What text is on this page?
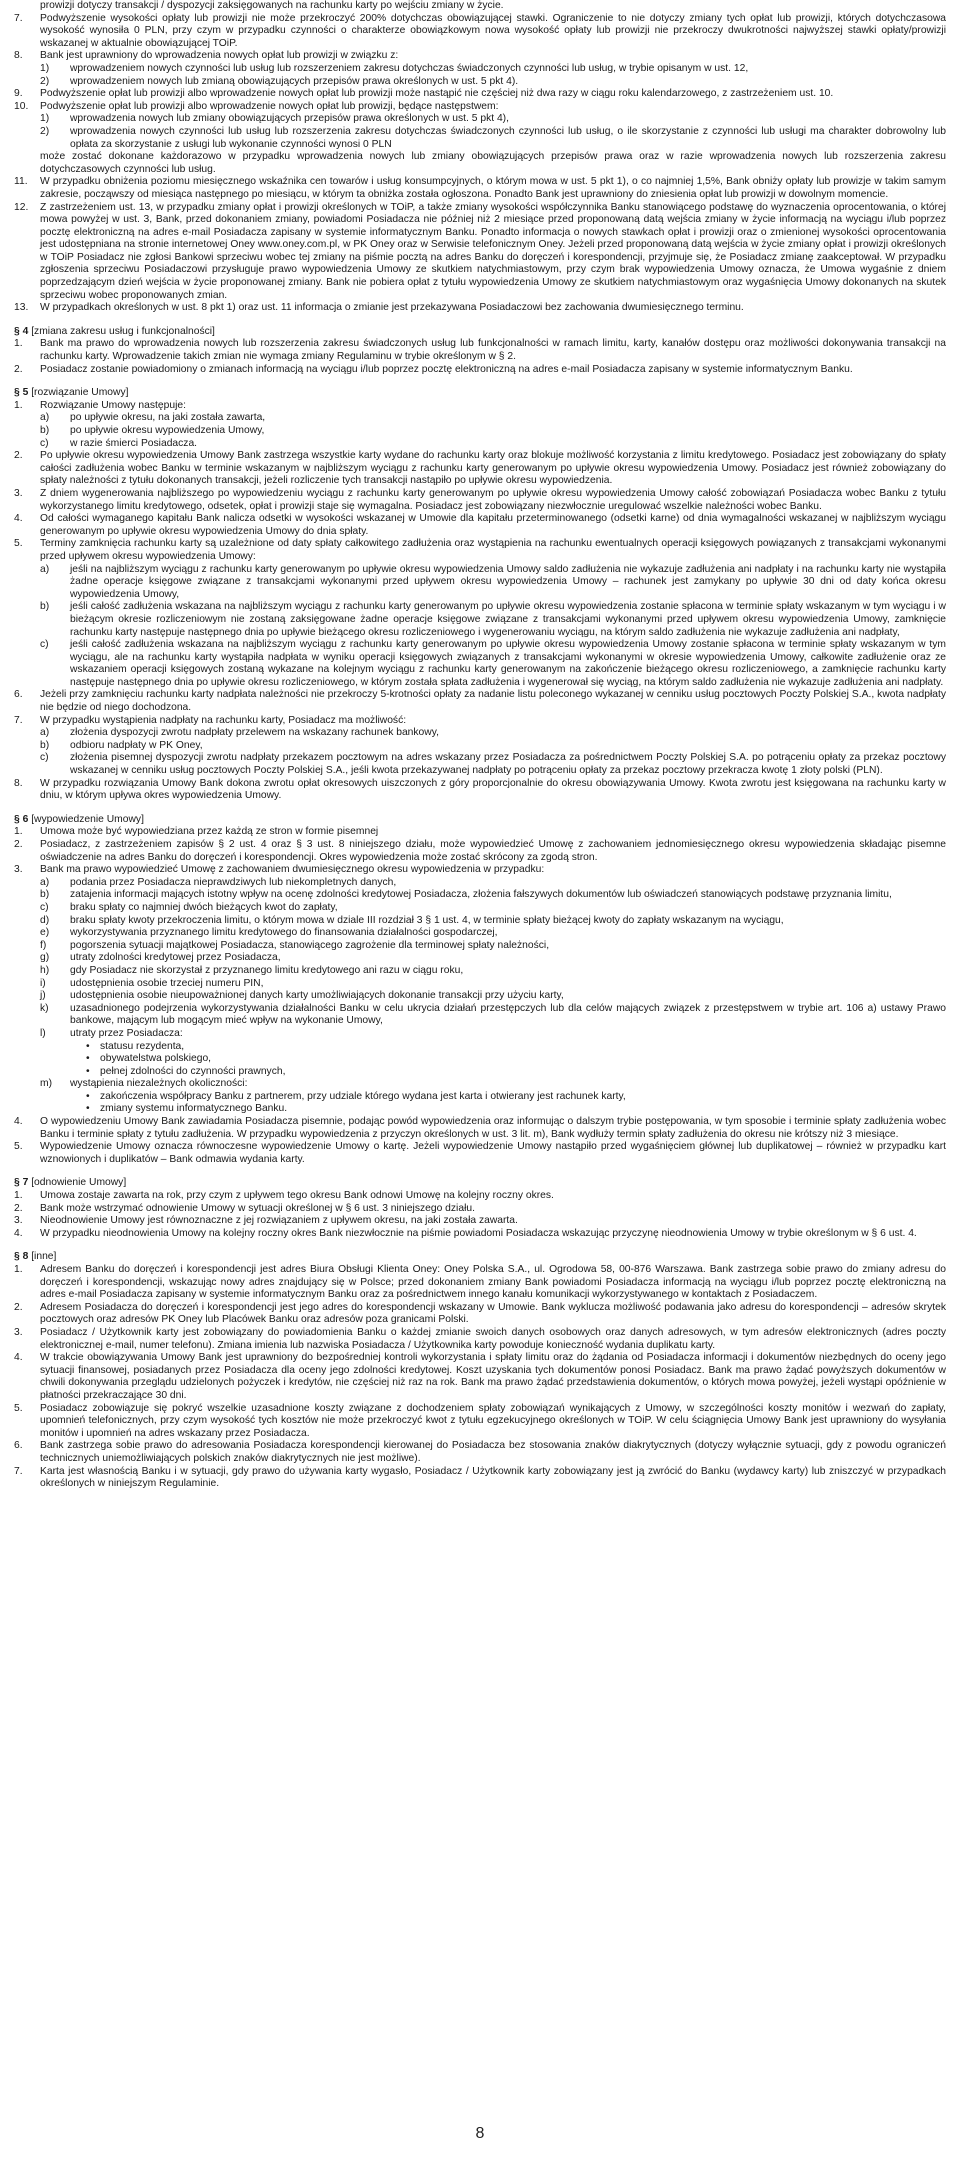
prowizji dotyczy transakcji / dyspozycji zaksięgowanych na rachunku karty po wejściu zmiany w życie.
7.	Podwyższenie wysokości opłaty lub prowizji nie może przekroczyć 200% dotychczas obowiązującej stawki. Ograniczenie to nie dotyczy zmiany tych opłat lub prowizji, których dotychczasowa wysokość wynosiła 0 PLN, przy czym w przypadku czynności o charakterze obowiązkowym nowa wysokość opłaty lub prowizji nie przekroczy dwukrotności najwyższej stawki opłaty/prowizji wskazanej w aktualnie obowiązującej TOiP.
8.	Bank jest uprawniony do wprowadzenia nowych opłat lub prowizji w związku z:
1)	wprowadzeniem nowych czynności lub usług lub rozszerzeniem zakresu dotychczas świadczonych czynności lub usług, w trybie opisanym w ust. 12,
2)	wprowadzeniem nowych lub zmianą obowiązujących przepisów prawa określonych w ust. 5 pkt 4).
9.	Podwyższenie opłat lub prowizji albo wprowadzenie nowych opłat lub prowizji może nastąpić nie częściej niż dwa razy w ciągu roku kalendarzowego, z zastrzeżeniem ust. 10.
10.	Podwyższenie opłat lub prowizji albo wprowadzenie nowych opłat lub prowizji, będące następstwem:
1)	wprowadzenia nowych lub zmiany obowiązujących przepisów prawa określonych w ust. 5 pkt 4),
2)	wprowadzenia nowych czynności lub usług lub rozszerzenia zakresu dotychczas świadczonych czynności lub usług, o ile skorzystanie z czynności lub usługi ma charakter dobrowolny lub opłata za skorzystanie z usługi lub wykonanie czynności wynosi 0 PLN
może zostać dokonane każdorazowo w przypadku wprowadzenia nowych lub zmiany obowiązujących przepisów prawa oraz w razie wprowadzenia nowych lub rozszerzenia zakresu dotychczasowych czynności lub usług.
11.	W przypadku obniżenia poziomu miesięcznego wskaźnika cen towarów i usług konsumpcyjnych, o którym mowa w ust. 5 pkt 1), o co najmniej 1,5%, Bank obniży opłaty lub prowizje w takim samym zakresie, począwszy od miesiąca następnego po miesiącu, w którym ta obniżka została ogłoszona. Ponadto Bank jest uprawniony do zniesienia opłat lub prowizji w dowolnym momencie.
12.	Z zastrzeżeniem ust. 13, w przypadku zmiany opłat i prowizji określonych w TOiP, a także zmiany wysokości współczynnika Banku stanowiącego podstawę do wyznaczenia oprocentowania, o której mowa powyżej w ust. 3, Bank, przed dokonaniem zmiany, powiadomi Posiadacza nie później niż 2 miesiące przed proponowaną datą wejścia zmiany w życie informacją na wyciągu i/lub poprzez pocztę elektroniczną na adres e-mail Posiadacza zapisany w systemie informatycznym Banku. Ponadto informacja o nowych stawkach opłat i prowizji oraz o zmienionej wysokości oprocentowania jest udostępniana na stronie internetowej Oney www.oney.com.pl, w PK Oney oraz w Serwisie telefonicznym Oney. Jeżeli przed proponowaną datą wejścia w życie zmiany opłat i prowizji określonych w TOiP Posiadacz nie zgłosi Bankowi sprzeciwu wobec tej zmiany na piśmie pocztą na adres Banku do doręczeń i korespondencji, przyjmuje się, że Posiadacz zmianę zaakceptował. W przypadku zgłoszenia sprzeciwu Posiadaczowi przysługuje prawo wypowiedzenia Umowy ze skutkiem natychmiastowym, przy czym brak wypowiedzenia Umowy oznacza, że Umowa wygaśnie z dniem poprzedzającym dzień wejścia w życie proponowanej zmiany. Bank nie pobiera opłat z tytułu wypowiedzenia Umowy ze skutkiem natychmiastowym oraz wygaśnięcia Umowy dokonanych na skutek sprzeciwu wobec proponowanych zmian.
13.	W przypadkach określonych w ust. 8 pkt 1) oraz ust. 11 informacja o zmianie jest przekazywana Posiadaczowi bez zachowania dwumiesięcznego terminu.
§ 4 [zmiana zakresu usług i funkcjonalności]
1.	Bank ma prawo do wprowadzenia nowych lub rozszerzenia zakresu świadczonych usług lub funkcjonalności w ramach limitu, karty, kanałów dostępu oraz możliwości dokonywania transakcji na rachunku karty. Wprowadzenie takich zmian nie wymaga zmiany Regulaminu w trybie określonym w § 2.
2.	Posiadacz zostanie powiadomiony o zmianach informacją na wyciągu i/lub poprzez pocztę elektroniczną na adres e-mail Posiadacza zapisany w systemie informatycznym Banku.
§ 5 [rozwiązanie Umowy]
1.	Rozwiązanie Umowy następuje:
a)	po upływie okresu, na jaki została zawarta,
b)	po upływie okresu wypowiedzenia Umowy,
c)	w razie śmierci Posiadacza.
2.	Po upływie okresu wypowiedzenia Umowy Bank zastrzega wszystkie karty wydane do rachunku karty oraz blokuje możliwość korzystania z limitu kredytowego. Posiadacz jest zobowiązany do spłaty całości zadłużenia wobec Banku w terminie wskazanym w najbliższym wyciągu z rachunku karty generowanym po upływie okresu wypowiedzenia Umowy. Posiadacz jest również zobowiązany do spłaty należności z tytułu dokonanych transakcji, jeżeli rozliczenie tych transakcji nastąpiło po upływie okresu wypowiedzenia.
3.	Z dniem wygenerowania najbliższego po wypowiedzeniu wyciągu z rachunku karty generowanym po upływie okresu wypowiedzenia Umowy całość zobowiązań Posiadacza wobec Banku z tytułu wykorzystanego limitu kredytowego, odsetek, opłat i prowizji staje się wymagalna. Posiadacz jest zobowiązany niezwłocznie uregulować wszelkie należności wobec Banku.
4.	Od całości wymaganego kapitału Bank nalicza odsetki w wysokości wskazanej w Umowie dla kapitału przeterminowanego (odsetki karne) od dnia wymagalności wskazanej w najbliższym wyciągu generowanym po upływie okresu wypowiedzenia Umowy do dnia spłaty.
5.	Terminy zamknięcia rachunku karty są uzależnione od daty spłaty całkowitego zadłużenia oraz wystąpienia na rachunku ewentualnych operacji księgowych powiązanych z transakcjami wykonanymi przed upływem okresu wypowiedzenia Umowy:
a)	jeśli na najbliższym wyciągu z rachunku karty generowanym po upływie okresu wypowiedzenia Umowy saldo zadłużenia nie wykazuje zadłużenia ani nadpłaty i na rachunku karty nie wystąpiła żadne operacje księgowe związane z transakcjami wykonanymi przed upływem okresu wypowiedzenia Umowy – rachunek jest zamykany po upływie 30 dni od daty końca okresu wypowiedzenia Umowy,
b)	jeśli całość zadłużenia wskazana na najbliższym wyciągu z rachunku karty generowanym po upływie okresu wypowiedzenia zostanie spłacona w terminie spłaty wskazanym w tym wyciągu i w bieżącym okresie rozliczeniowym nie zostaną zaksięgowane żadne operacje księgowe związane z transakcjami wykonanymi przed upływem okresu wypowiedzenia Umowy, zamknięcie rachunku karty następuje następnego dnia po upływie bieżącego okresu rozliczeniowego i wygenerowaniu wyciągu, na którym saldo zadłużenia nie wykazuje zadłużenia ani nadpłaty,
c)	jeśli całość zadłużenia wskazana na najbliższym wyciągu z rachunku karty generowanym po upływie okresu wypowiedzenia Umowy zostanie spłacona w terminie spłaty wskazanym w tym wyciągu, ale na rachunku karty wystąpiła nadpłata w wyniku operacji księgowych związanych z transakcjami wykonanymi w okresie wypowiedzenia Umowy, całkowite zadłużenie oraz ze wskazaniem operacji księgowych zostaną wykazane na kolejnym wyciągu z rachunku karty generowanym na zakończenie bieżącego okresu rozliczeniowego, a zamknięcie rachunku karty następuje następnego dnia po upływie okresu rozliczeniowego, w którym została spłata zadłużenia i wygenerował się wyciąg, na którym saldo zadłużenia nie wykazuje zadłużenia ani nadpłaty.
6.	Jeżeli przy zamknięciu rachunku karty nadpłata należności nie przekroczy 5-krotności opłaty za nadanie listu poleconego wykazanej w cenniku usług pocztowych Poczty Polskiej S.A., kwota nadpłaty nie będzie od niego dochodzona.
7.	W przypadku wystąpienia nadpłaty na rachunku karty, Posiadacz ma możliwość:
a)	złożenia dyspozycji zwrotu nadpłaty przelewem na wskazany rachunek bankowy,
b)	odbioru nadpłaty w PK Oney,
c)	złożenia pisemnej dyspozycji zwrotu nadpłaty przekazem pocztowym na adres wskazany przez Posiadacza za pośrednictwem Poczty Polskiej S.A. po potrąceniu opłaty za przekaz pocztowy wskazanej w cenniku usług pocztowych Poczty Polskiej S.A., jeśli kwota przekazywanej nadpłaty po potrąceniu opłaty za przekaz pocztowy przekracza kwotę 1 złoty polski (PLN).
8.	W przypadku rozwiązania Umowy Bank dokona zwrotu opłat okresowych uiszczonych z góry proporcjonalnie do okresu obowiązywania Umowy. Kwota zwrotu jest księgowana na rachunku karty w dniu, w którym upływa okres wypowiedzenia Umowy.
§ 6 [wypowiedzenie Umowy]
1.	Umowa może być wypowiedziana przez każdą ze stron w formie pisemnej
2.	Posiadacz, z zastrzeżeniem zapisów § 2 ust. 4 oraz § 3 ust. 8 niniejszego działu, może wypowiedzieć Umowę z zachowaniem jednomiesięcznego okresu wypowiedzenia składając pisemne oświadczenie na adres Banku do doręczeń i korespondencji. Okres wypowiedzenia może zostać skrócony za zgodą stron.
3.	Bank ma prawo wypowiedzieć Umowę z zachowaniem dwumiesięcznego okresu wypowiedzenia w przypadku:
a)	podania przez Posiadacza nieprawdziwych lub niekompletnych danych,
b)	zatajenia informacji mających istotny wpływ na ocenę zdolności kredytowej Posiadacza, złożenia fałszywych dokumentów lub oświadczeń stanowiących podstawę przyznania limitu,
c)	braku spłaty co najmniej dwóch bieżących kwot do zapłaty,
d)	braku spłaty kwoty przekroczenia limitu, o którym mowa w dziale III rozdział 3 § 1 ust. 4, w terminie spłaty bieżącej kwoty do zapłaty wskazanym na wyciągu,
e)	wykorzystywania przyznanego limitu kredytowego do finansowania działalności gospodarczej,
f)	pogorszenia sytuacji majątkowej Posiadacza, stanowiącego zagrożenie dla terminowej spłaty należności,
g)	utraty zdolności kredytowej przez Posiadacza,
h)	gdy Posiadacz nie skorzystał z przyznanego limitu kredytowego ani razu w ciągu roku,
i)	udostępnienia osobie trzeciej numeru PIN,
j)	udostępnienia osobie nieupoważnionej danych karty umożliwiających dokonanie transakcji przy użyciu karty,
k)	uzasadnionego podejrzenia wykorzystywania działalności Banku w celu ukrycia działań przestępczych lub dla celów mających związek z przestępstwem w trybie art. 106 a) ustawy Prawo bankowe, mającym lub mogącym mieć wpływ na wykonanie Umowy,
l)	utraty przez Posiadacza:
• statusu rezydenta,
• obywatelstwa polskiego,
• pełnej zdolności do czynności prawnych,
m)	wystąpienia niezależnych okoliczności:
• zakończenia współpracy Banku z partnerem, przy udziale którego wydana jest karta i otwierany jest rachunek karty,
• zmiany systemu informatycznego Banku.
4.	O wypowiedzeniu Umowy Bank zawiadamia Posiadacza pisemnie, podając powód wypowiedzenia oraz informując o dalszym trybie postępowania, w tym sposobie i terminie spłaty zadłużenia wobec Banku i terminie spłaty z tytułu zadłużenia. W przypadku wypowiedzenia z przyczyn określonych w ust. 3 lit. m), Bank wydłuży termin spłaty zadłużenia do okresu nie krótszy niż 3 miesiące.
5.	Wypowiedzenie Umowy oznacza równoczesne wypowiedzenie Umowy o kartę. Jeżeli wypowiedzenie Umowy nastąpiło przed wygaśnięciem głównej lub duplikatowej – również w przypadku kart wznowionych i duplikatów – Bank odmawia wydania karty.
§ 7 [odnowienie Umowy]
1.	Umowa zostaje zawarta na rok, przy czym z upływem tego okresu Bank odnowi Umowę na kolejny roczny okres.
2.	Bank może wstrzymać odnowienie Umowy w sytuacji określonej w § 6 ust. 3 niniejszego działu.
3.	Nieodnowienie Umowy jest równoznaczne z jej rozwiązaniem z upływem okresu, na jaki została zawarta.
4.	W przypadku nieodnowienia Umowy na kolejny roczny okres Bank niezwłocznie na piśmie powiadomi Posiadacza wskazując przyczynę nieodnowienia Umowy w trybie określonym w § 6 ust. 4.
§ 8 [inne]
1.	Adresem Banku do doręczeń i korespondencji jest adres Biura Obsługi Klienta Oney: Oney Polska S.A., ul. Ogrodowa 58, 00-876 Warszawa. Bank zastrzega sobie prawo do zmiany adresu do doręczeń i korespondencji, wskazując nowy adres znajdujący się w Polsce; przed dokonaniem zmiany Bank powiadomi Posiadacza informacją na wyciągu i/lub poprzez pocztę elektroniczną na adres e-mail Posiadacza zapisany w systemie informatycznym Banku oraz za pośrednictwem innego kanału komunikacji wykorzystywanego w kontaktach z Posiadaczem.
2.	Adresem Posiadacza do doręczeń i korespondencji jest jego adres do korespondencji wskazany w Umowie. Bank wyklucza możliwość podawania jako adresu do korespondencji – adresów skrytek pocztowych oraz adresów PK Oney lub Placówek Banku oraz adresów poza granicami Polski.
3.	Posiadacz / Użytkownik karty jest zobowiązany do powiadomienia Banku o każdej zmianie swoich danych osobowych oraz danych adresowych, w tym adresów elektronicznych (adres poczty elektronicznej e-mail, numer telefonu). Zmiana imienia lub nazwiska Posiadacza / Użytkownika karty powoduje konieczność wydania duplikatu karty.
4.	W trakcie obowiązywania Umowy Bank jest uprawniony do bezpośredniej kontroli wykorzystania i spłaty limitu oraz do żądania od Posiadacza informacji i dokumentów niezbędnych do oceny jego sytuacji finansowej, posiadanych przez Posiadacza dla oceny jego zdolności kredytowej. Koszt uzyskania tych dokumentów ponosi Posiadacz. Bank ma prawo żądać powyższych dokumentów w chwili dokonywania przeglądu udzielonych pożyczek i kredytów, nie częściej niż raz na rok. Bank ma prawo żądać przedstawienia dokumentów, o których mowa powyżej, jeżeli wystąpi opóźnienie w płatności przekraczające 30 dni.
5.	Posiadacz zobowiązuje się pokryć wszelkie uzasadnione koszty związane z dochodzeniem spłaty zobowiązań wynikających z Umowy, w szczególności koszty monitów i wezwań do zapłaty, upomnień telefonicznych, przy czym wysokość tych kosztów nie może przekroczyć kwot z tytułu egzekucyjnego określonych w TOiP. W celu ściągnięcia Umowy Bank jest uprawniony do wysyłania monitów i upomnień na adres wskazany przez Posiadacza.
6.	Bank zastrzega sobie prawo do adresowania Posiadacza korespondencji kierowanej do Posiadacza bez stosowania znaków diakrytycznych (dotyczy wyłącznie sytuacji, gdy z powodu ograniczeń technicznych uniemożliwiających polskich znaków diakrytycznych nie jest możliwe).
7.	Karta jest własnością Banku i w sytuacji, gdy prawo do używania karty wygasło, Posiadacz / Użytkownik karty zobowiązany jest ją zwrócić do Banku (wydawcy karty) lub zniszczyć w przypadkach określonych w niniejszym Regulaminie.
8
